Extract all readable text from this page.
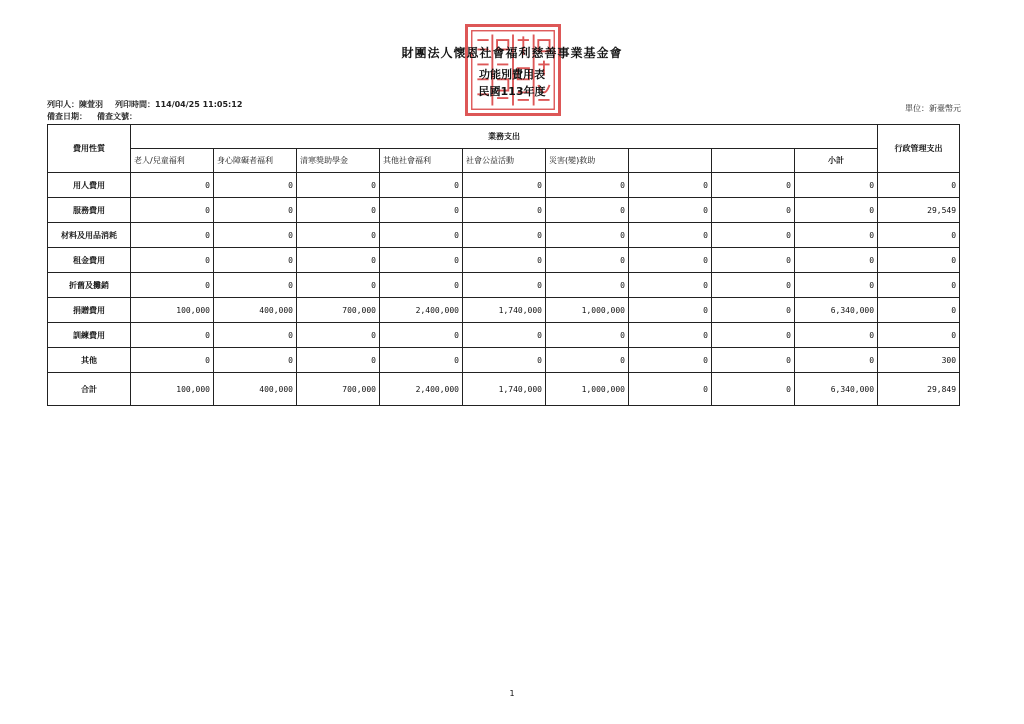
財團法人懷恩社會福利慈善事業基金會
功能別費用表
民國113年度
列印人：陳萱羽 列印時間：114/04/25 11:05:12
備查日期： 備查文號：
單位：新臺幣元
費用性質	業務支出									行政管理支出
	老人/兒童福利	身心障礙者福利	清寒獎助學金	其他社會福利	社會公益活動	災害(變)救助			小計	
用人費用	0	0	0	0	0	0	0	0	0	0
服務費用	0	0	0	0	0	0	0	0	0	29,549
材料及用品消耗	0	0	0	0	0	0	0	0	0	0
租金費用	0	0	0	0	0	0	0	0	0	0
折舊及攤銷	0	0	0	0	0	0	0	0	0	0
捐贈費用	100,000	400,000	700,000	2,400,000	1,740,000	1,000,000	0	0	6,340,000	0
訓練費用	0	0	0	0	0	0	0	0	0	0
其他	0	0	0	0	0	0	0	0	0	300
合計	100,000	400,000	700,000	2,400,000	1,740,000	1,000,000	0	0	6,340,000	29,849
1
